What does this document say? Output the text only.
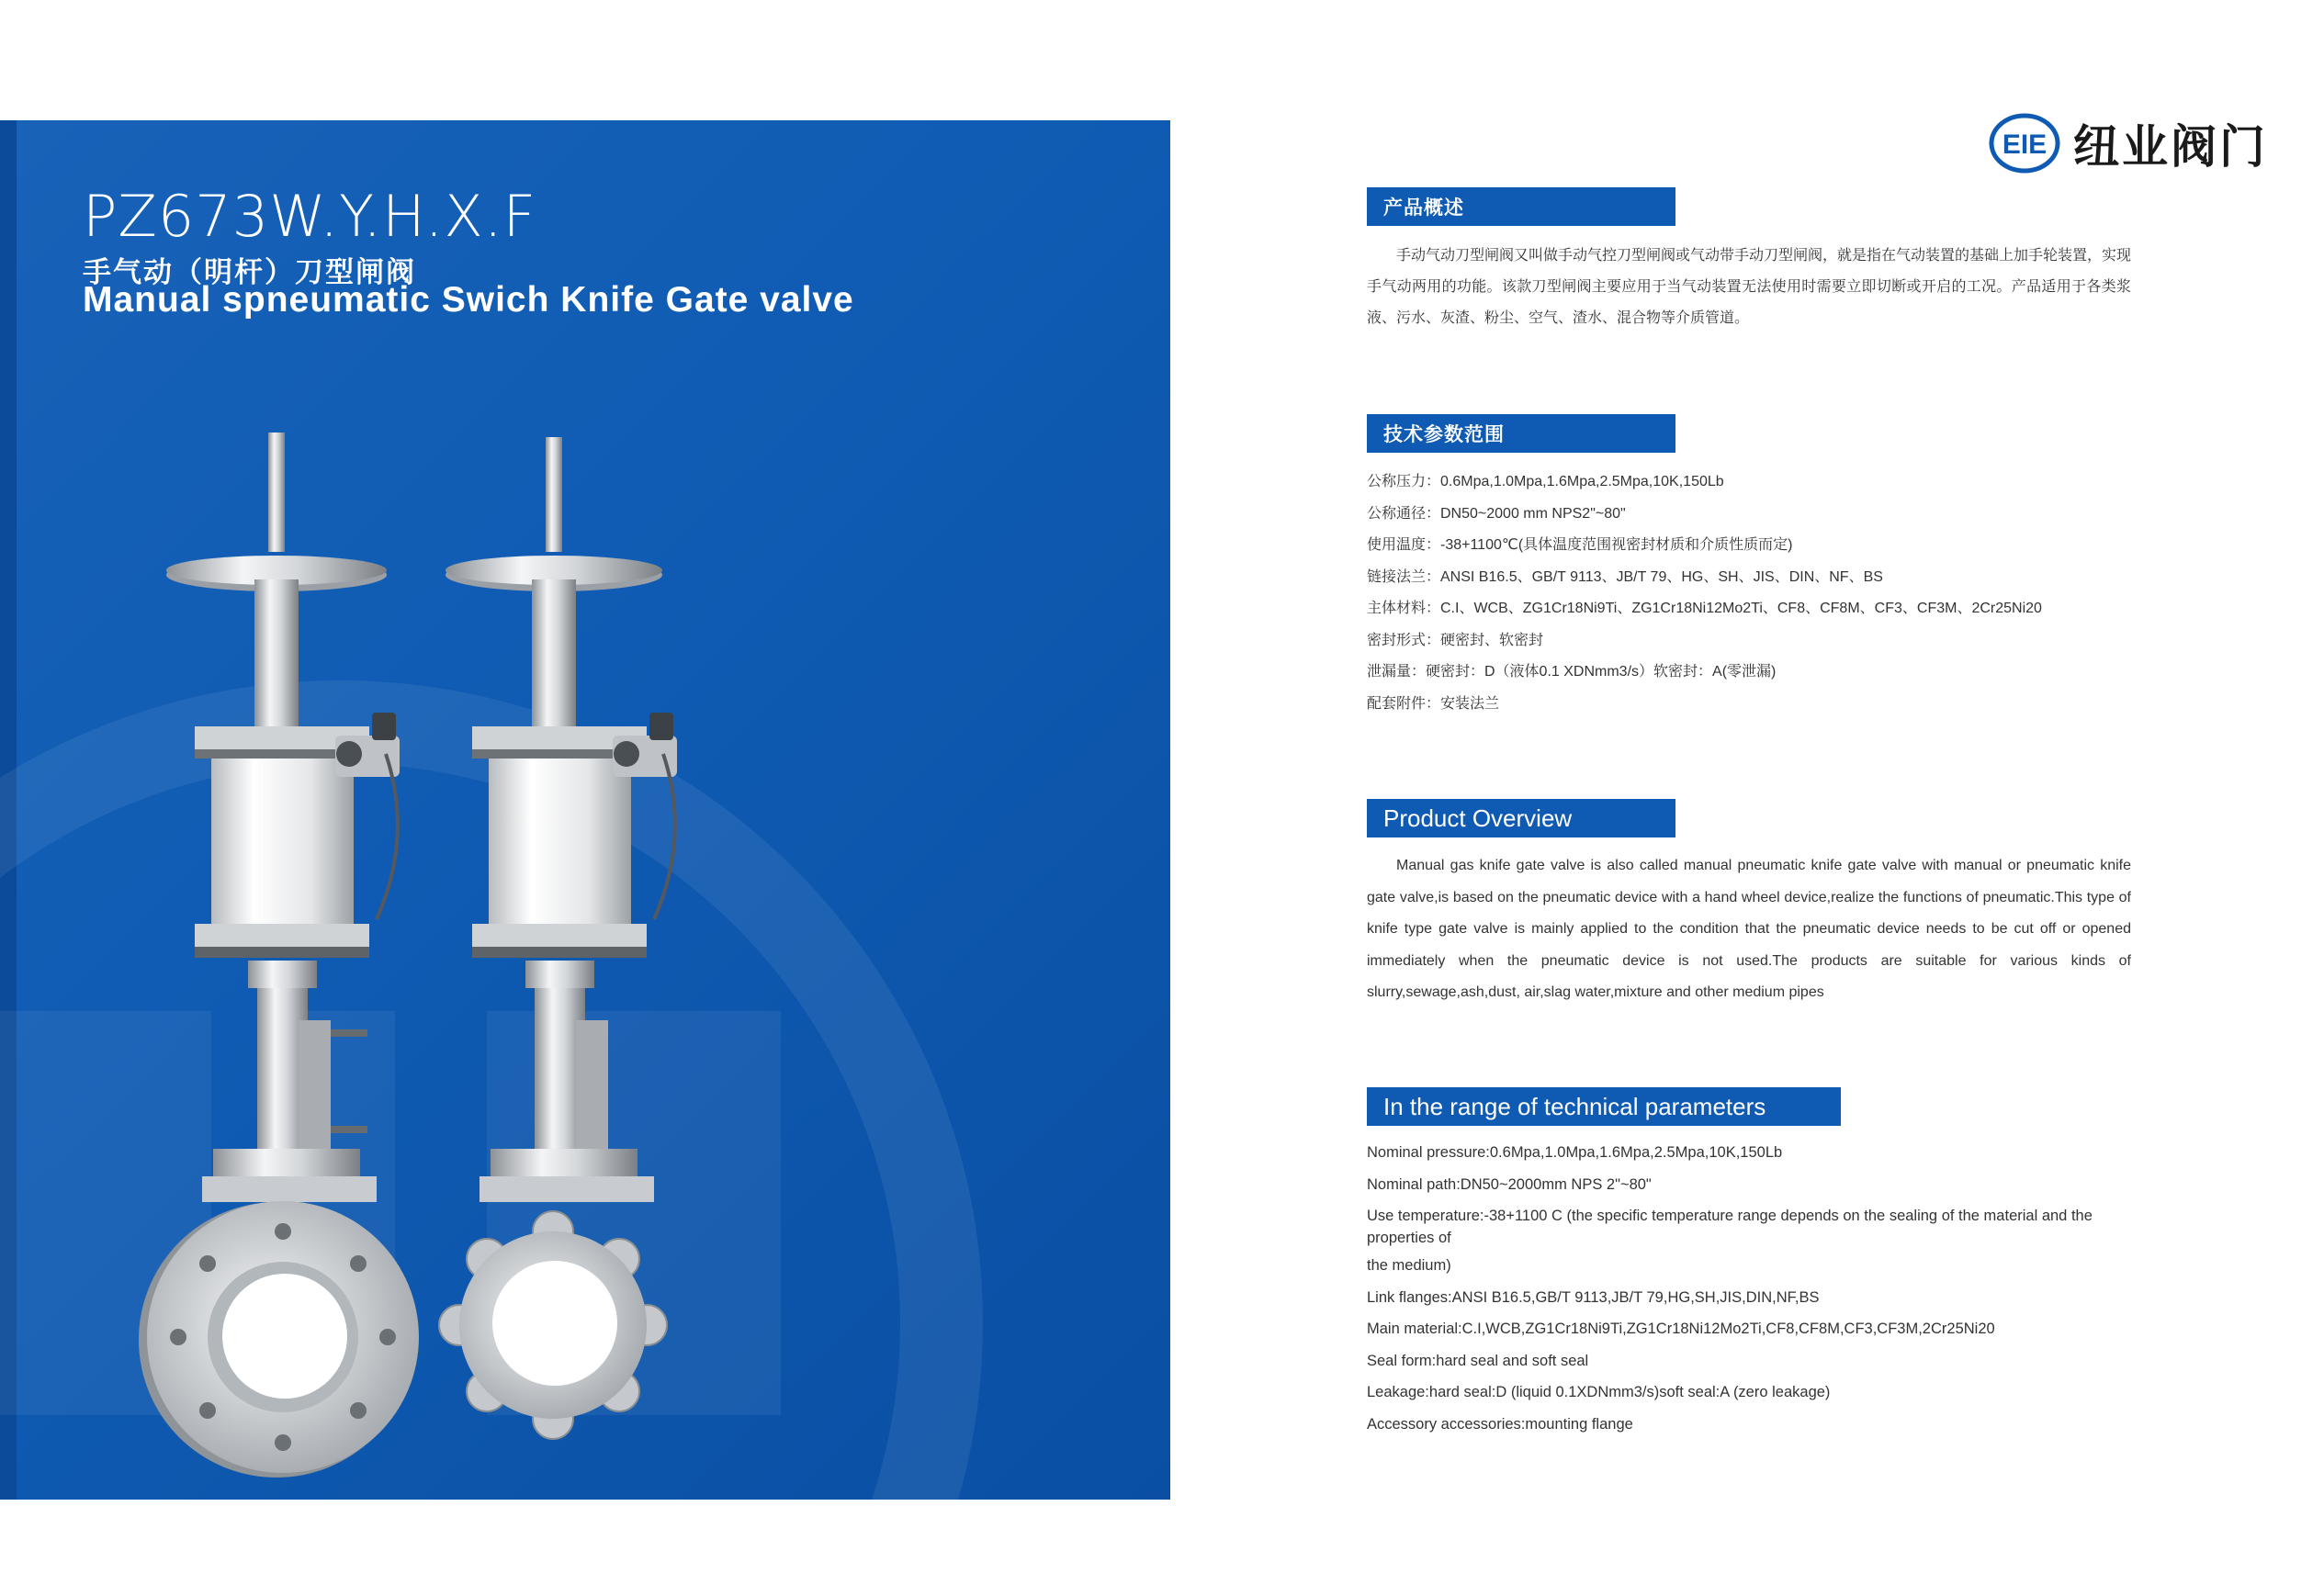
PZ673W.Y.H.X.F
手气动（明杆）刀型闸阀
Manual spneumatic Swich Knife Gate valve
EIE 纽业阀门
产品概述

手动气动刀型闸阀又叫做手动气控刀型闸阀或气动带手动刀型闸阀，就是指在气动装置的基础上加手轮装置，实现手气动两用的功能。该款刀型闸阀主要应用于当气动装置无法使用时需要立即切断或开启的工况。产品适用于各类浆液、污水、灰渣、粉尘、空气、渣水、混合物等介质管道。

技术参数范围
公称压力：0.6Mpa,1.0Mpa,1.6Mpa,2.5Mpa,10K,150Lb
公称通径：DN50~2000 mm NPS2"~80"
使用温度：-38+1100℃(具体温度范围视密封材质和介质性质而定)
链接法兰：ANSI B16.5、GB/T 9113、JB/T 79、HG、SH、JIS、DIN、NF、BS
主体材料：C.I、WCB、ZG1Cr18Ni9Ti、ZG1Cr18Ni12Mo2Ti、CF8、CF8M、CF3、CF3M、2Cr25Ni20
密封形式：硬密封、软密封
泄漏量：硬密封：D（液体0.1 XDNmm3/s）软密封：A(零泄漏)
配套附件：安装法兰
Product Overview

Manual gas knife gate valve is also called manual pneumatic knife gate valve with manual or pneumatic knife gate valve,is based on the pneumatic device with a hand wheel device,realize the functions of pneumatic.This type of knife type gate valve is mainly applied to the condition that the pneumatic device needs to be cut off or opened immediately when the pneumatic device is not used.The products are suitable for various kinds of slurry,sewage,ash,dust, air,slag water,mixture and other medium pipes

In the range of technical parameters
Nominal pressure:0.6Mpa,1.0Mpa,1.6Mpa,2.5Mpa,10K,150Lb
Nominal path:DN50~2000mm NPS 2"~80"
Use temperature:-38+1100 C (the specific temperature range depends on the sealing of the material and the properties of
the medium)
Link flanges:ANSI B16.5,GB/T 9113,JB/T 79,HG,SH,JIS,DIN,NF,BS
Main material:C.I,WCB,ZG1Cr18Ni9Ti,ZG1Cr18Ni12Mo2Ti,CF8,CF8M,CF3,CF3M,2Cr25Ni20
Seal form:hard seal and soft seal
Leakage:hard seal:D (liquid 0.1XDNmm3/s)soft seal:A (zero leakage)
Accessory accessories:mounting flange
